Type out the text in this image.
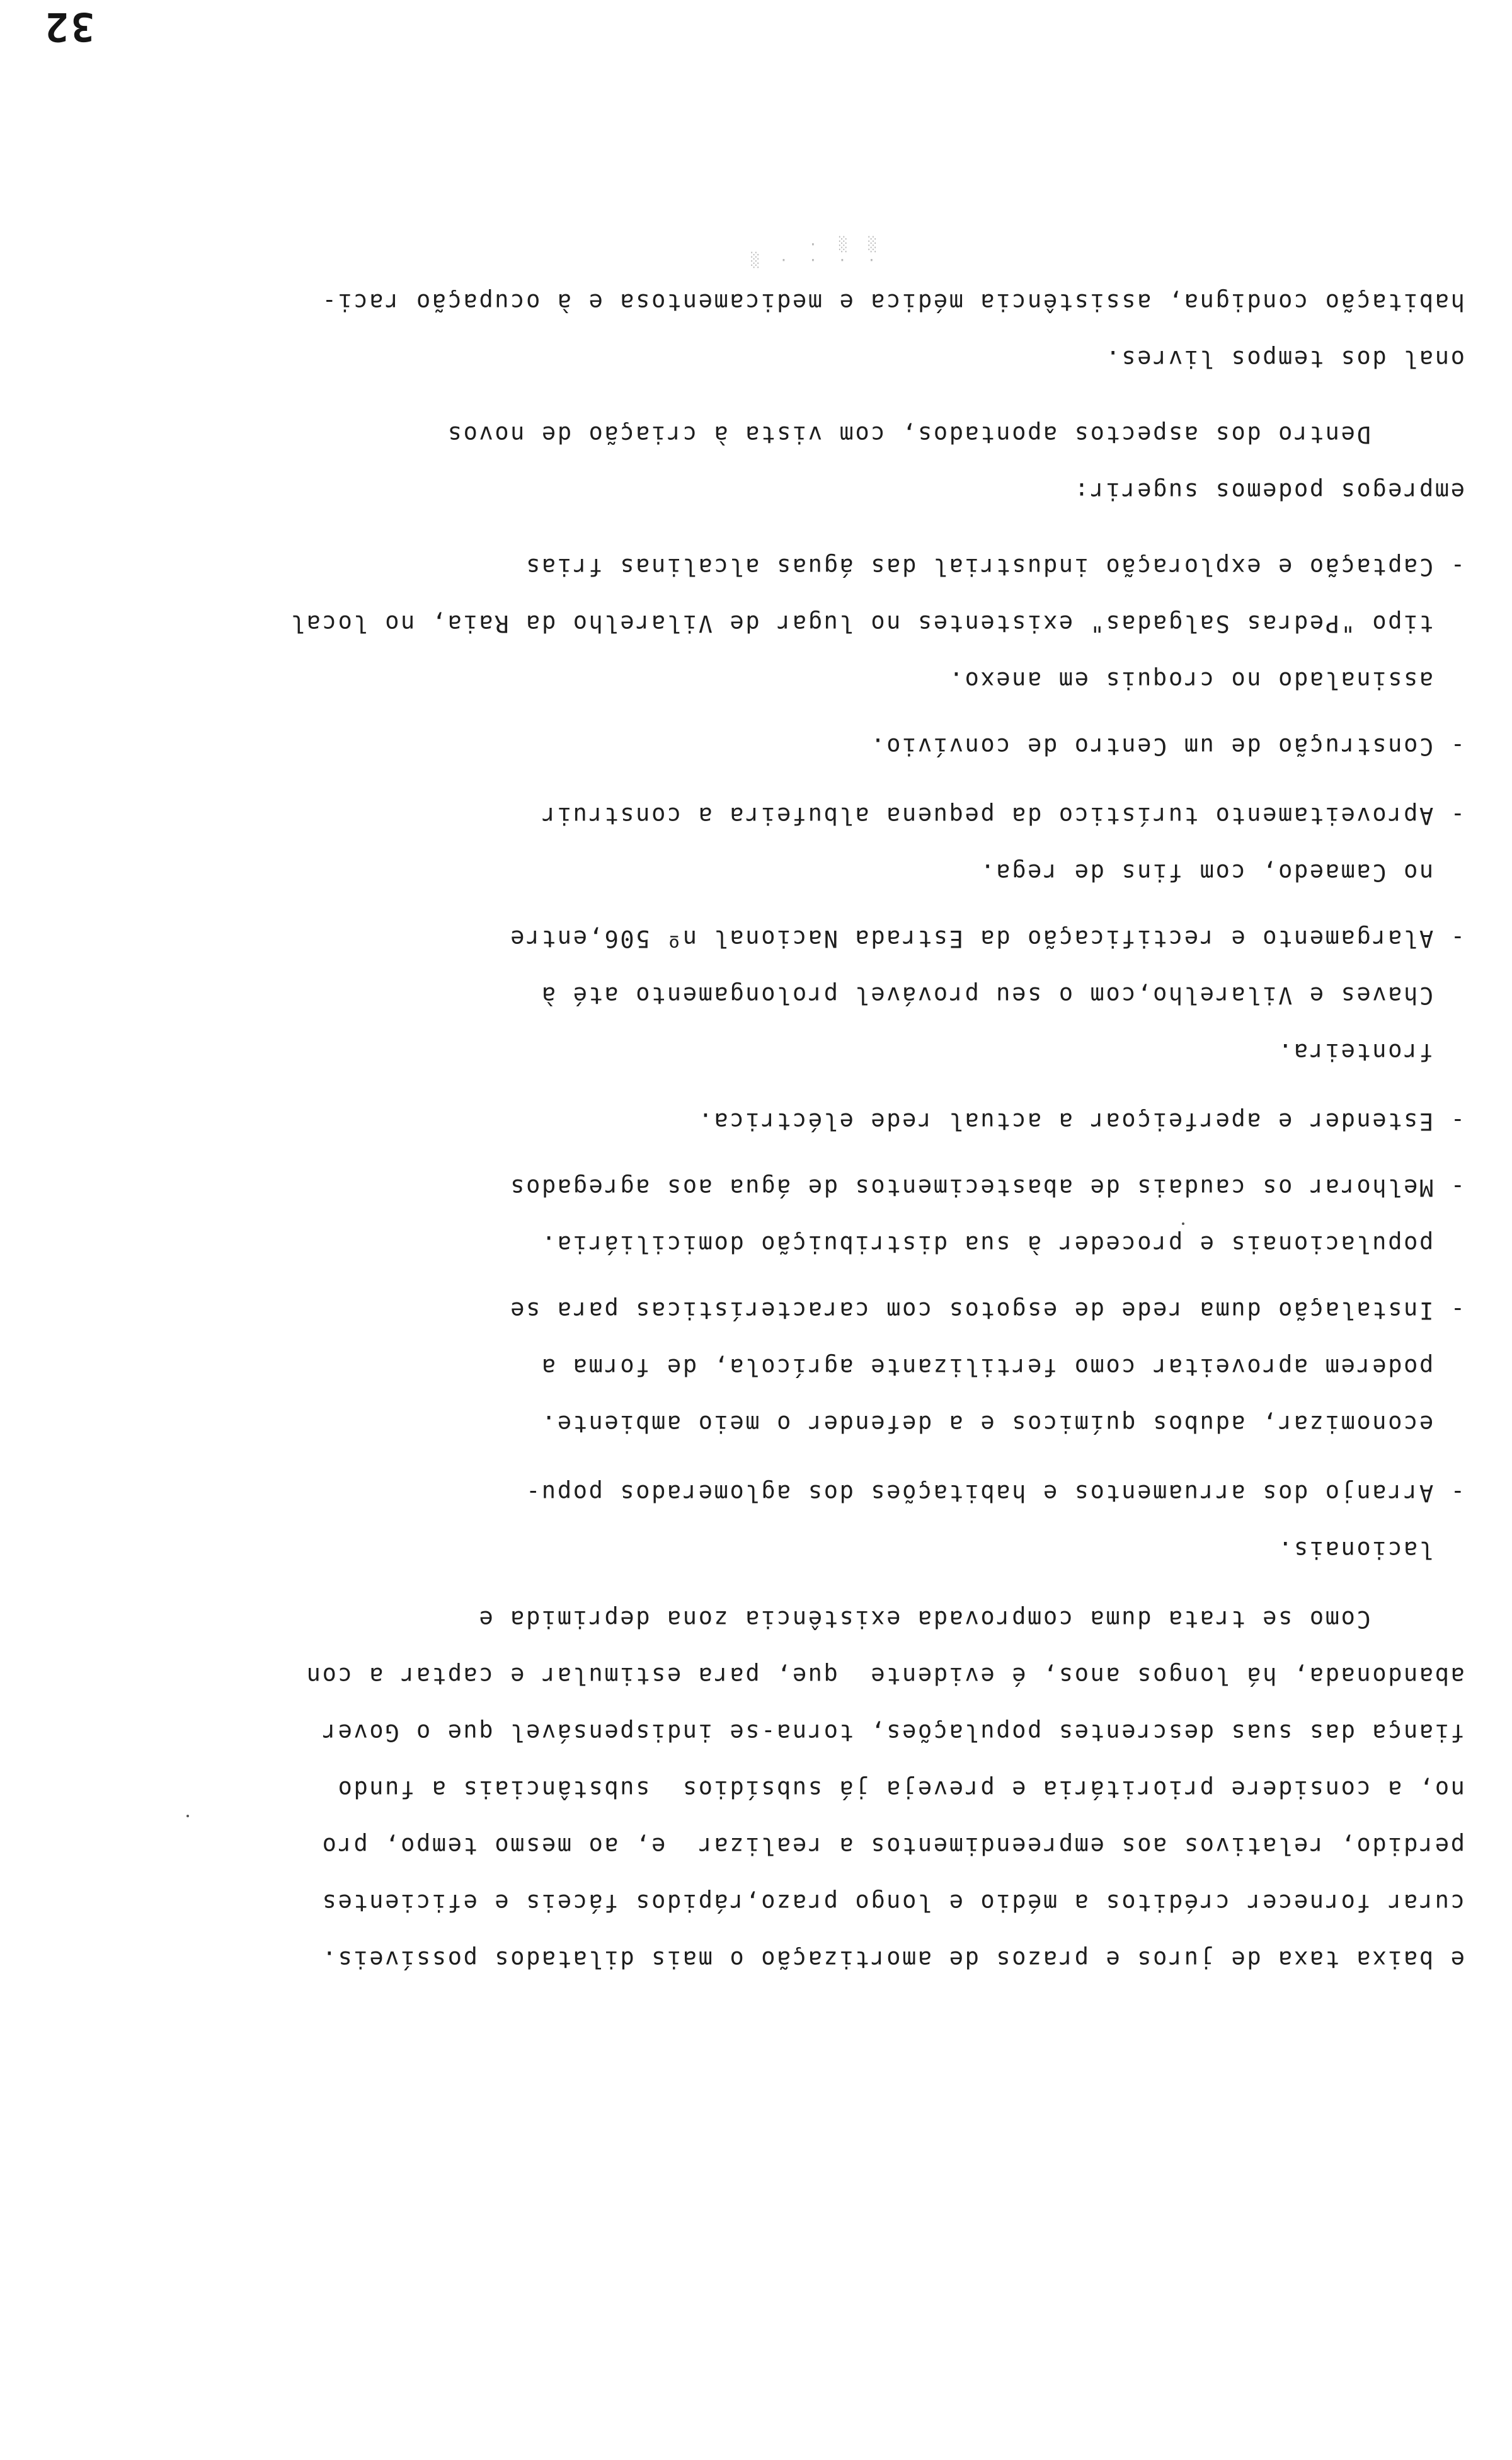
32
habitação condigna, assistência médica e medicamentosa e à ocupação raci-
onal dos tempos livres.
Dentro dos aspectos apontados, com vista à criação de novos
empregos podemos sugerir:
- Captação e exploração industrial das águas alcalinas frias
tipo "Pedras Salgadas" existentes no lugar de Vilarelho da Raia, no local
assinalado no croquis em anexo.
- Construção de um Centro de convívio.
- Aproveitamento turístico da pequena albufeira a construir
no Camaedo, com fins de rega.
- Alargamento e rectificação da Estrada Nacional nº 506,entre
Chaves e Vilarelho,com o seu provável prolongamento até à
fronteira.
- Estender e aperfeiçoar a actual rede eléctrica.
- Melhorar os caudais de abastecimentos de água aos agregados
populacionais e proceder à sua distribuição domiciliária.
- Instalação duma rede de esgotos com características para se
poderem aproveitar como fertilizante agrícola, de forma a
economizar, adubos químicos e a defender o meio ambiente.
- Arranjo dos arruamentos e habitações dos aglomerados popu-
lacionais.
Como se trata duma comprovada existência zona deprimida e
abandonada, há longos anos, é evidente  que, para estimular e captar a con
fiança das suas descrentes populações, torna-se indispensável que o Gover
no, a considere prioritária e preveja já subsídios  substânciais a fundo
perdido, relativos aos empreendimentos a realizar  e, ao mesmo tempo, pro
curar fornecer créditos a médio e longo prazo,rápidos fáceis e eficientes
e baixa taxa de juros e prazos de amortização o mais dilatados possíveis.
· · · · ░ ░ ░ ·
